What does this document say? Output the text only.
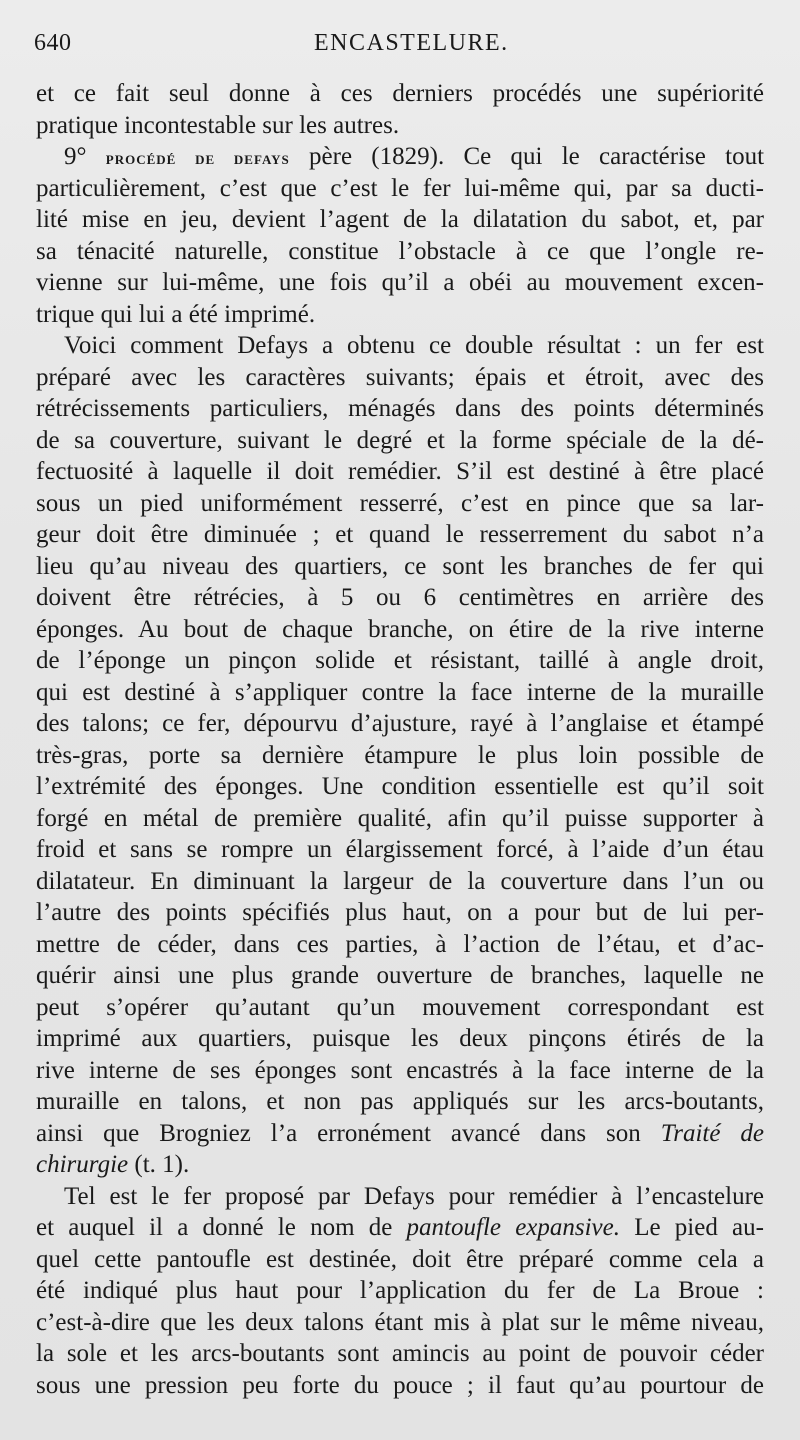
640	ENCASTELURE.
et ce fait seul donne à ces derniers procédés une supériorité
pratique incontestable sur les autres.
9° procédé de defays père (1829). Ce qui le caractérise tout
particulièrement, c’est que c’est le fer lui-même qui, par sa ducti-
lité mise en jeu, devient l’agent de la dilatation du sabot, et, par
sa ténacité naturelle, constitue l’obstacle à ce que l’ongle re-
vienne sur lui-même, une fois qu’il a obéi au mouvement excen-
trique qui lui a été imprimé.
Voici comment Defays a obtenu ce double résultat : un fer est
préparé avec les caractères suivants; épais et étroit, avec des
rétrécissements particuliers, ménagés dans des points déterminés
de sa couverture, suivant le degré et la forme spéciale de la dé-
fectuosité à laquelle il doit remédier. S’il est destiné à être placé
sous un pied uniformément resserré, c’est en pince que sa lar-
geur doit être diminuée ; et quand le resserrement du sabot n’a
lieu qu’au niveau des quartiers, ce sont les branches de fer qui
doivent être rétrécies, à 5 ou 6 centimètres en arrière des
éponges. Au bout de chaque branche, on étire de la rive interne
de l’éponge un pinçon solide et résistant, taillé à angle droit,
qui est destiné à s’appliquer contre la face interne de la muraille
des talons; ce fer, dépourvu d’ajusture, rayé à l’anglaise et étampé
très-gras, porte sa dernière étampure le plus loin possible de
l’extrémité des éponges. Une condition essentielle est qu’il soit
forgé en métal de première qualité, afin qu’il puisse supporter à
froid et sans se rompre un élargissement forcé, à l’aide d’un étau
dilatateur. En diminuant la largeur de la couverture dans l’un ou
l’autre des points spécifiés plus haut, on a pour but de lui per-
mettre de céder, dans ces parties, à l’action de l’étau, et d’ac-
quérir ainsi une plus grande ouverture de branches, laquelle ne
peut s’opérer qu’autant qu’un mouvement correspondant est
imprimé aux quartiers, puisque les deux pinçons étirés de la
rive interne de ses éponges sont encastrés à la face interne de la
muraille en talons, et non pas appliqués sur les arcs-boutants,
ainsi que Brogniez l’a erronément avancé dans son Traité de
chirurgie (t. 1).
Tel est le fer proposé par Defays pour remédier à l’encastelure
et auquel il a donné le nom de pantoufle expansive. Le pied au-
quel cette pantoufle est destinée, doit être préparé comme cela a
été indiqué plus haut pour l’application du fer de La Broue :
c’est-à-dire que les deux talons étant mis à plat sur le même niveau,
la sole et les arcs-boutants sont amincis au point de pouvoir céder
sous une pression peu forte du pouce ; il faut qu’au pourtour de
